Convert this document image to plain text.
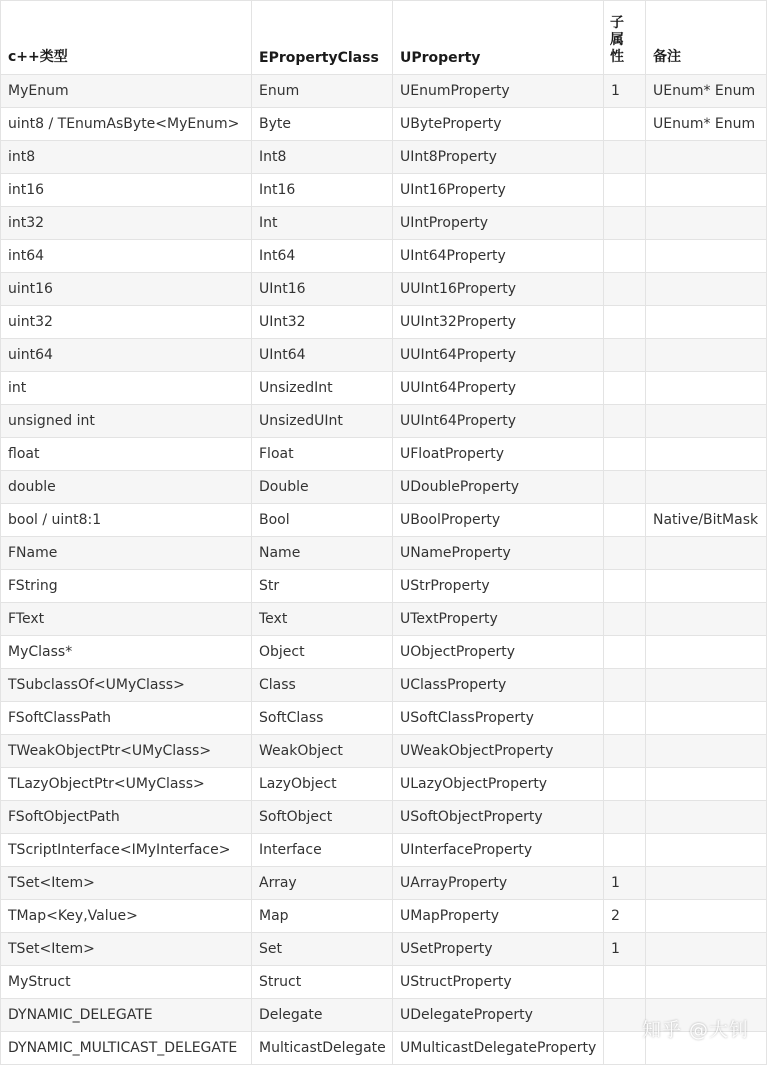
c++类型	EPropertyClass	UProperty	子属性	备注
MyEnum	Enum	UEnumProperty	1	UEnum* Enum
uint8 / TEnumAsByte<MyEnum>	Byte	UByteProperty		UEnum* Enum
int8	Int8	UInt8Property		
int16	Int16	UInt16Property		
int32	Int	UIntProperty		
int64	Int64	UInt64Property		
uint16	UInt16	UUInt16Property		
uint32	UInt32	UUInt32Property		
uint64	UInt64	UUInt64Property		
int	UnsizedInt	UUInt64Property		
unsigned int	UnsizedUInt	UUInt64Property		
float	Float	UFloatProperty		
double	Double	UDoubleProperty		
bool / uint8:1	Bool	UBoolProperty		Native/BitMask
FName	Name	UNameProperty		
FString	Str	UStrProperty		
FText	Text	UTextProperty		
MyClass*	Object	UObjectProperty		
TSubclassOf<UMyClass>	Class	UClassProperty		
FSoftClassPath	SoftClass	USoftClassProperty		
TWeakObjectPtr<UMyClass>	WeakObject	UWeakObjectProperty		
TLazyObjectPtr<UMyClass>	LazyObject	ULazyObjectProperty		
FSoftObjectPath	SoftObject	USoftObjectProperty		
TScriptInterface<IMyInterface>	Interface	UInterfaceProperty		
TSet<Item>	Array	UArrayProperty	1	
TMap<Key,Value>	Map	UMapProperty	2	
TSet<Item>	Set	USetProperty	1	
MyStruct	Struct	UStructProperty		
DYNAMIC_DELEGATE	Delegate	UDelegateProperty		
DYNAMIC_MULTICAST_DELEGATE	MulticastDelegate	UMulticastDelegateProperty		
知乎 @大钊
